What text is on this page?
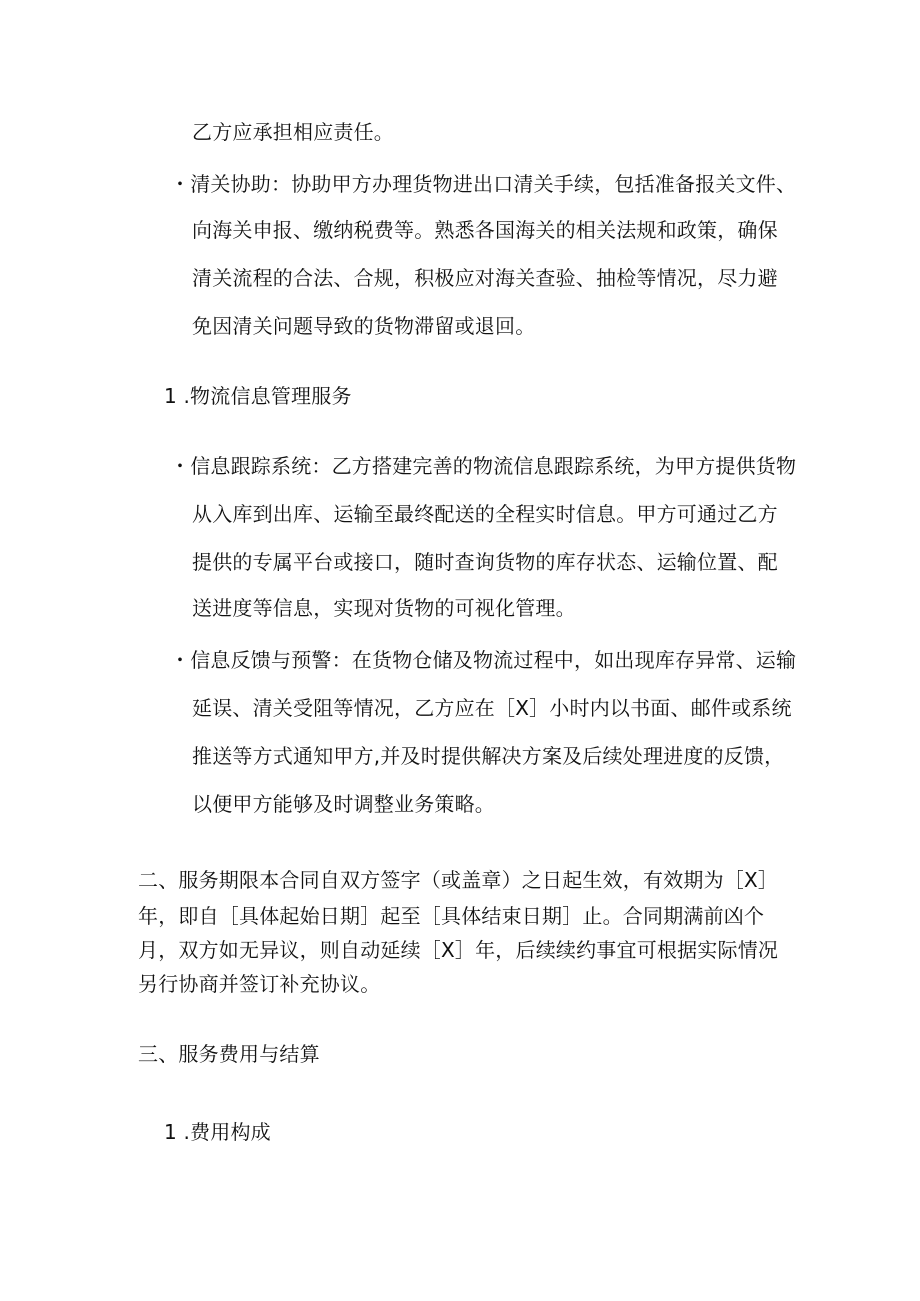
乙方应承担相应责任。
・清关协助：协助甲方办理货物进出口清关手续，包括准备报关文件、
向海关申报、缴纳税费等。熟悉各国海关的相关法规和政策，确保
清关流程的合法、合规，积极应对海关查验、抽检等情况，尽力避
免因清关问题导致的货物滞留或退回。
1 .物流信息管理服务
・信息跟踪系统：乙方搭建完善的物流信息跟踪系统，为甲方提供货物
从入库到出库、运输至最终配送的全程实时信息。甲方可通过乙方
提供的专属平台或接口，随时查询货物的库存状态、运输位置、配
送进度等信息，实现对货物的可视化管理。
・信息反馈与预警：在货物仓储及物流过程中，如出现库存异常、运输
延误、清关受阻等情况，乙方应在［X］小时内以书面、邮件或系统
推送等方式通知甲方,并及时提供解决方案及后续处理进度的反馈，
以便甲方能够及时调整业务策略。
二、服务期限本合同自双方签字（或盖章）之日起生效，有效期为［X］
年，即自［具体起始日期］起至［具体结束日期］止。合同期满前凶个
月，双方如无异议，则自动延续［X］年，后续续约事宜可根据实际情况
另行协商并签订补充协议。
三、服务费用与结算
1 .费用构成
